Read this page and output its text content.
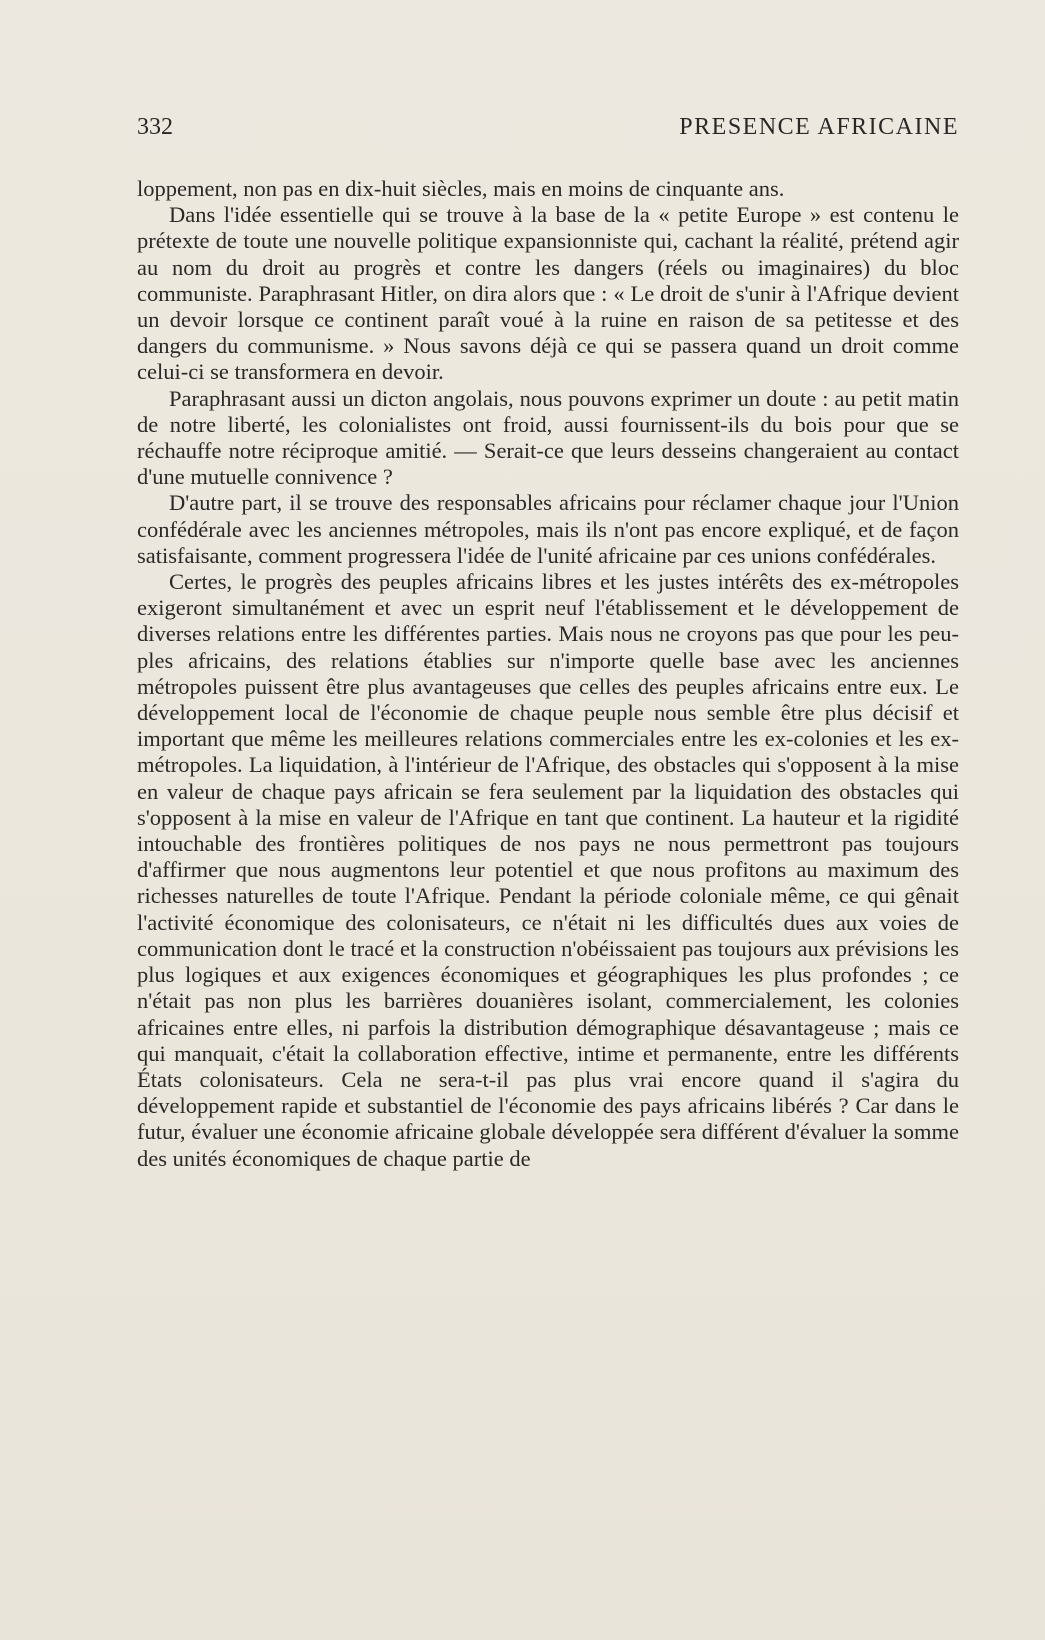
332	PRESENCE AFRICAINE

loppement, non pas en dix-huit siècles, mais en moins de cinquante ans.

Dans l'idée essentielle qui se trouve à la base de la « petite Europe » est contenu le prétexte de toute une nouvelle politique expansionniste qui, cachant la réalité, prétend agir au nom du droit au progrès et contre les dangers (réels ou imaginaires) du bloc communiste. Paraphrasant Hitler, on dira alors que : « Le droit de s'unir à l'Afrique devient un devoir lorsque ce continent paraît voué à la ruine en raison de sa petitesse et des dangers du communisme. » Nous savons déjà ce qui se passera quand un droit comme celui-ci se transformera en devoir.

Paraphrasant aussi un dicton angolais, nous pouvons exprimer un doute : au petit matin de notre liberté, les colonialistes ont froid, aussi fournissent-ils du bois pour que se réchauffe notre réciproque amitié. — Serait-ce que leurs desseins changeraient au contact d'une mutuelle connivence ?

D'autre part, il se trouve des responsables africains pour réclamer chaque jour l'Union confédérale avec les anciennes métropoles, mais ils n'ont pas encore expliqué, et de façon satisfaisante, comment progressera l'idée de l'unité africaine par ces unions confédérales.

Certes, le progrès des peuples africains libres et les justes intérêts des ex-métropoles exigeront simultanément et avec un esprit neuf l'établissement et le développement de diverses relations entre les différentes parties. Mais nous ne croyons pas que pour les peuples africains, des relations établies sur n'importe quelle base avec les anciennes métropoles puissent être plus avantageuses que celles des peuples africains entre eux. Le développement local de l'économie de chaque peuple nous semble être plus décisif et important que même les meilleures relations commerciales entre les ex-colonies et les ex-métropoles. La liquidation, à l'intérieur de l'Afrique, des obstacles qui s'opposent à la mise en valeur de chaque pays africain se fera seulement par la liquidation des obstacles qui s'opposent à la mise en valeur de l'Afrique en tant que continent. La hauteur et la rigidité intouchable des frontières politiques de nos pays ne nous permettront pas toujours d'affirmer que nous augmentons leur potentiel et que nous profitons au maximum des richesses naturelles de toute l'Afrique. Pendant la période coloniale même, ce qui gênait l'activité économique des colonisateurs, ce n'était ni les difficultés dues aux voies de communication dont le tracé et la construction n'obéissaient pas toujours aux prévisions les plus logiques et aux exigences économiques et géographiques les plus profondes ; ce n'était pas non plus les barrières douanières isolant, commercialement, les colonies africaines entre elles, ni parfois la distribution démographique désavantageuse ; mais ce qui manquait, c'était la collaboration effective, intime et permanente, entre les différents États colonisateurs. Cela ne sera-t-il pas plus vrai encore quand il s'agira du développement rapide et substantiel de l'économie des pays africains libérés ? Car dans le futur, évaluer une économie africaine globale développée sera différent d'évaluer la somme des unités économiques de chaque partie de
